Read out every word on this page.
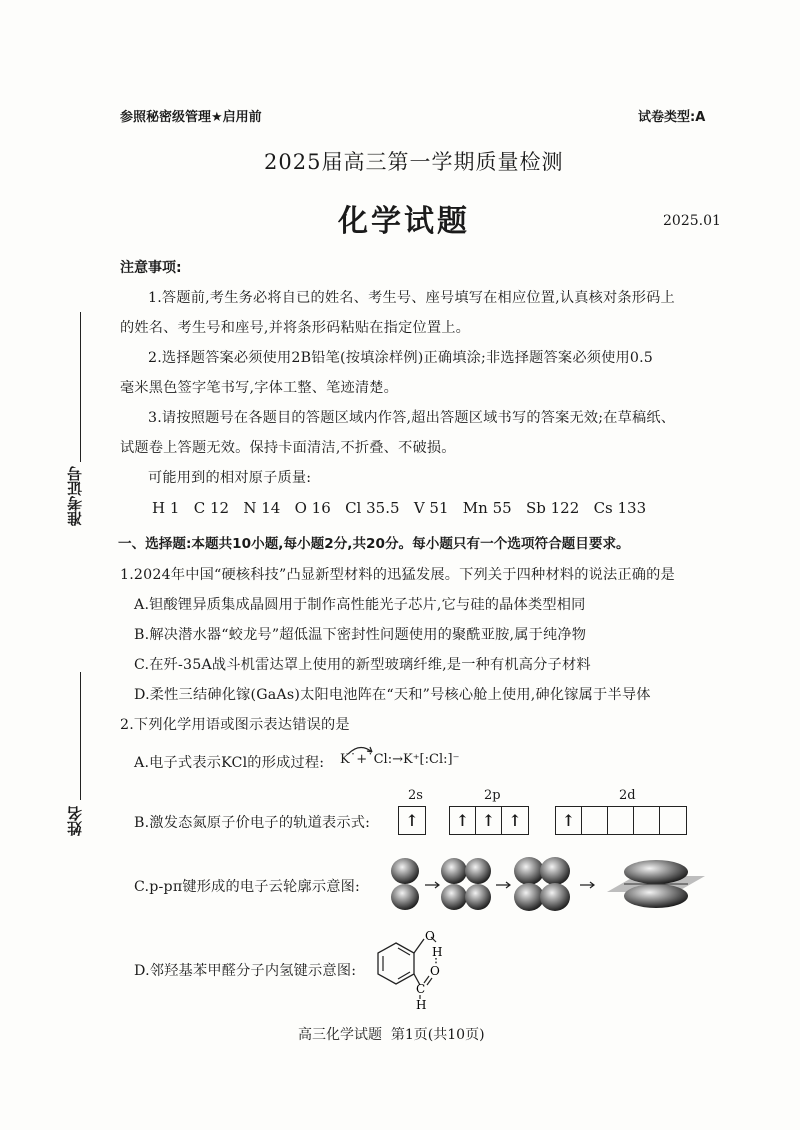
参照秘密级管理★启用前	试卷类型:A
2025届高三第一学期质量检测
化学试题	2025.01
准考证号
姓名
注意事项:
1.答题前,考生务必将自已的姓名、考生号、座号填写在相应位置,认真核对条形码上
的姓名、考生号和座号,并将条形码粘贴在指定位置上。
2.选择题答案必须使用2B铅笔(按填涂样例)正确填涂;非选择题答案必须使用0.5
毫米黑色签字笔书写,字体工整、笔迹清楚。
3.请按照题号在各题目的答题区域内作答,超出答题区域书写的答案无效;在草稿纸、
试题卷上答题无效。保持卡面清洁,不折叠、不破损。
可能用到的相对原子质量:
H 1   C 12   N 14   O 16   Cl 35.5   V 51   Mn 55   Sb 122   Cs 133
一、选择题:本题共10小题,每小题2分,共20分。每小题只有一个选项符合题目要求。
1.2024年中国“硬核科技”凸显新型材料的迅猛发展。下列关于四种材料的说法正确的是
A.钽酸锂异质集成晶圆用于制作高性能光子芯片,它与硅的晶体类型相同
B.解决潜水器“蛟龙号”超低温下密封性问题使用的聚酰亚胺,属于纯净物
C.在歼-35A战斗机雷达罩上使用的新型玻璃纤维,是一种有机高分子材料
D.柔性三结砷化镓(GaAs)太阳电池阵在“天和”号核心舱上使用,砷化镓属于半导体
2.下列化学用语或图示表达错误的是
A.电子式表示KCl的形成过程: K˙+˙Cl:→K⁺[:Cl:]⁻
B.激发态氮原子价电子的轨道表示式:
2s	2p	2d
↑	↑ ↑ ↑	↑
C.p-pπ键形成的电子云轮廓示意图:
D.邻羟基苯甲醛分子内氢键示意图:
O
H
O
C
H
高三化学试题  第1页(共10页)
